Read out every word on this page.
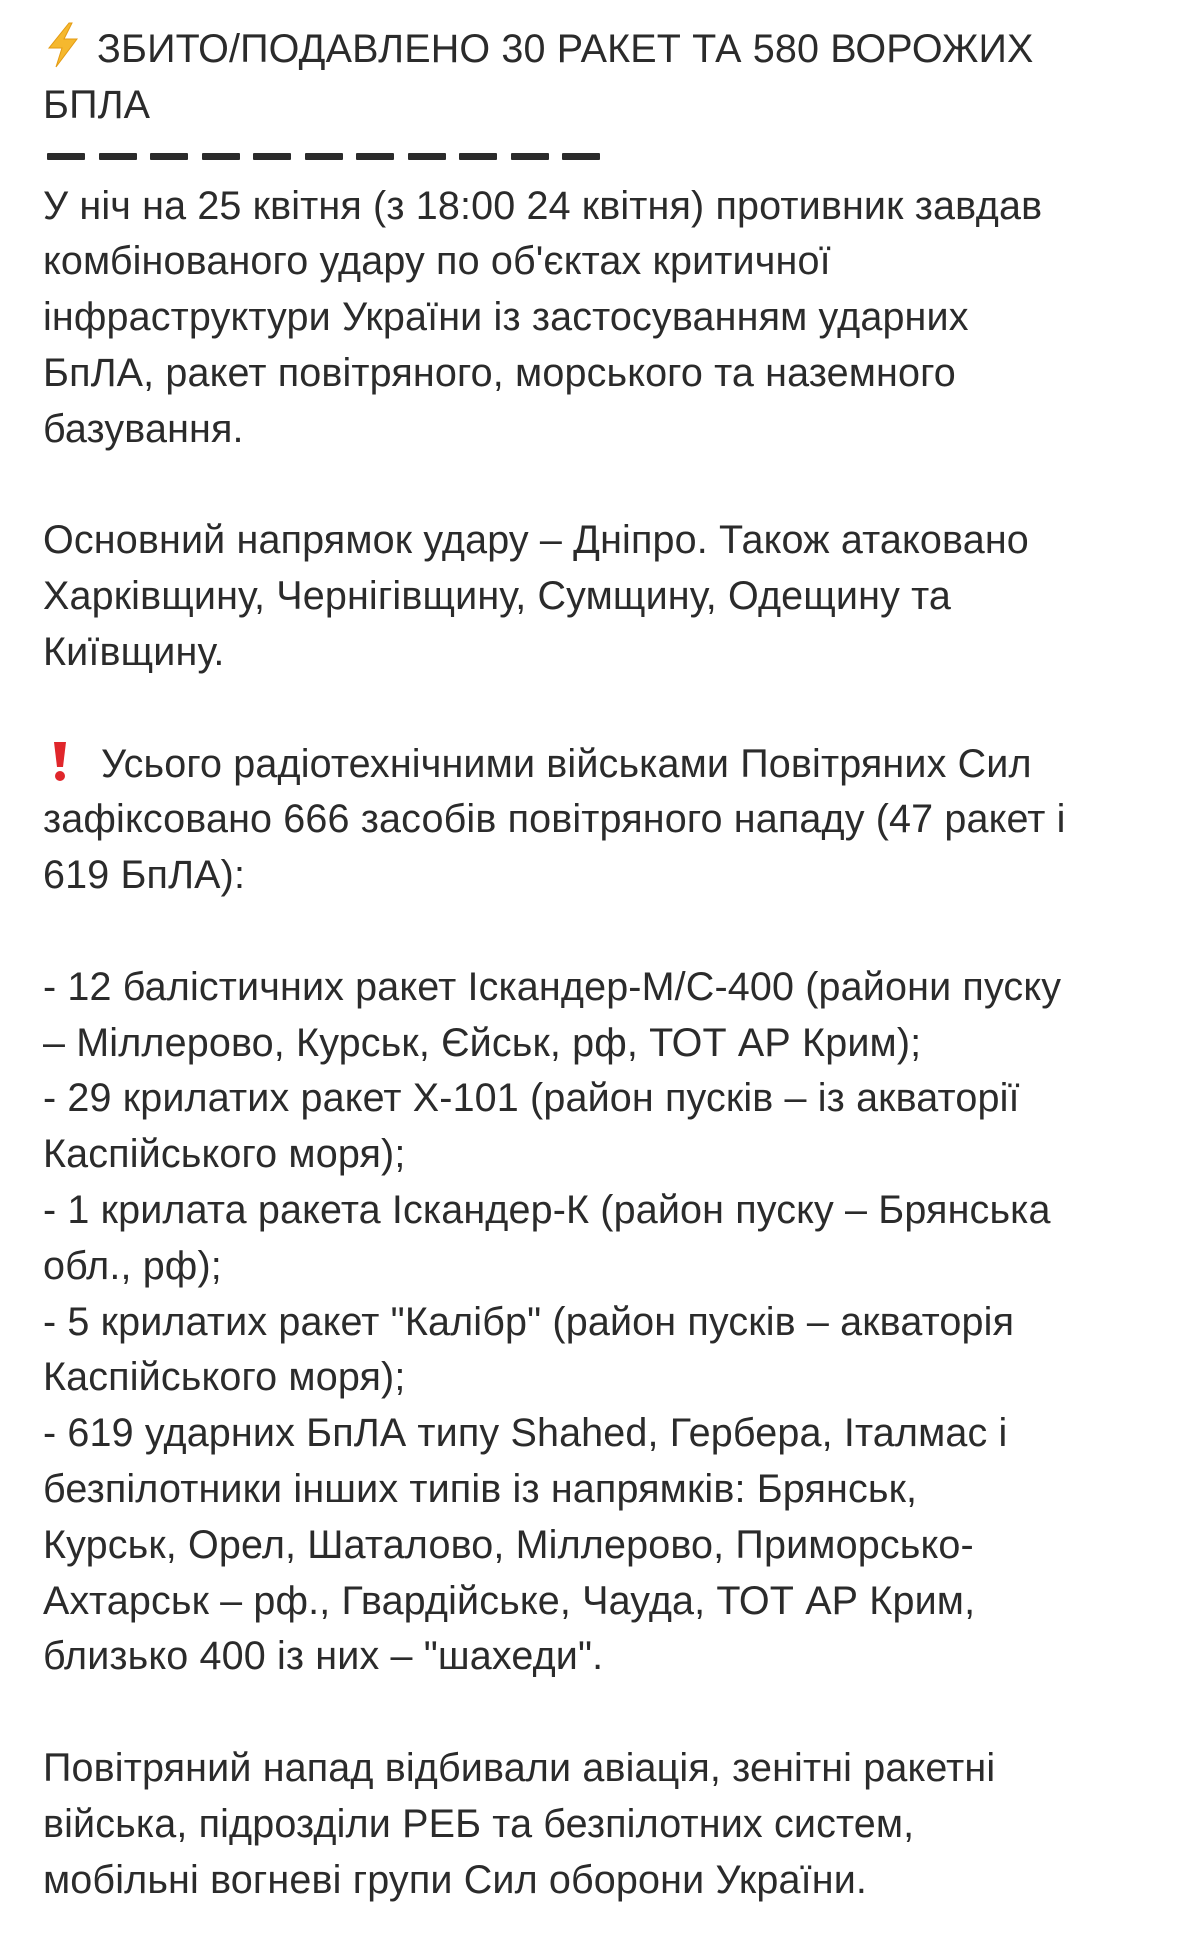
ЗБИТО/ПОДАВЛЕНО 30 РАКЕТ ТА 580 ВОРОЖИХ
БПЛА
У ніч на 25 квітня (з 18:00 24 квітня) противник завдав
комбінованого удару по об'єктах критичної
інфраструктури України із застосуванням ударних
БпЛА, ракет повітряного, морського та наземного
базування.
Основний напрямок удару – Дніпро. Також атаковано
Харківщину, Чернігівщину, Сумщину, Одещину та
Київщину.
Усього радіотехнічними військами Повітряних Сил
зафіксовано 666 засобів повітряного нападу (47 ракет і
619 БпЛА):
- 12 балістичних ракет Іскандер-М/С-400 (райони пуску
– Міллерово, Курськ, Єйськ, рф, ТОТ АР Крим);
- 29 крилатих ракет Х-101 (район пусків – із акваторії
Каспійського моря);
- 1 крилата ракета Іскандер-К (район пуску – Брянська
обл., рф);
- 5 крилатих ракет "Калібр" (район пусків – акваторія
Каспійського моря);
- 619 ударних БпЛА типу Shahed, Гербера, Італмас і
безпілотники інших типів із напрямків: Брянськ,
Курськ, Орел, Шаталово, Міллерово, Приморсько-
Ахтарськ – рф., Гвардійське, Чауда, ТОТ АР Крим,
близько 400 із них – "шахеди".
Повітряний напад відбивали авіація, зенітні ракетні
війська, підрозділи РЕБ та безпілотних систем,
мобільні вогневі групи Сил оборони України.
